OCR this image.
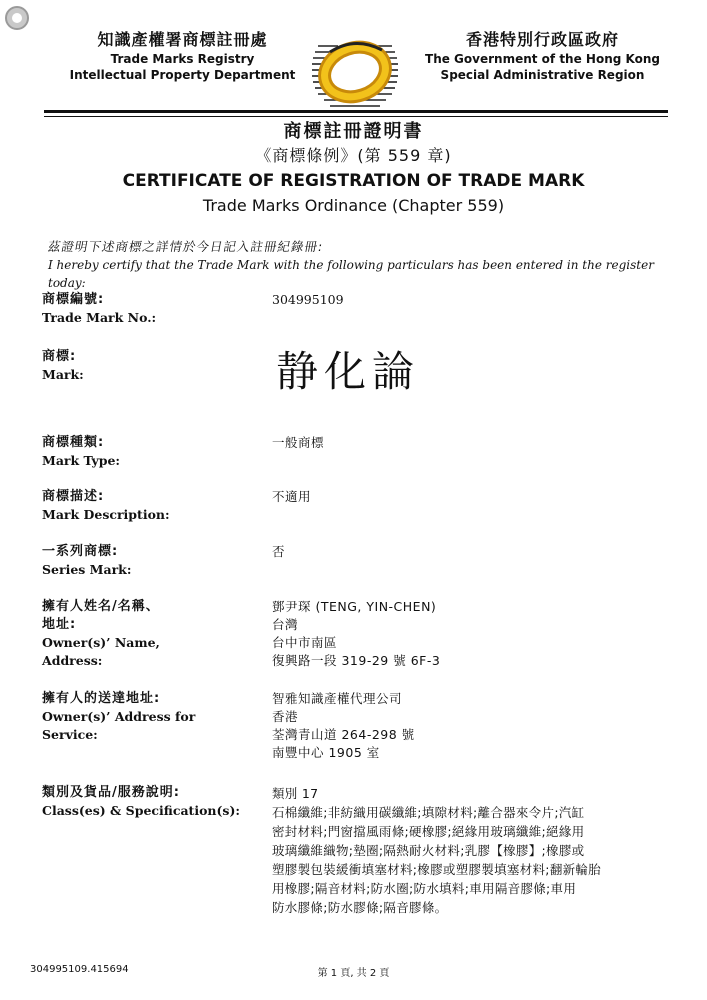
知識產權署商標註冊處
Trade Marks Registry
Intellectual Property Department
香港特別行政區政府
The Government of the Hong Kong
Special Administrative Region
商標註冊證明書
《商標條例》(第 559 章)
CERTIFICATE OF REGISTRATION OF TRADE MARK
Trade Marks Ordinance (Chapter 559)
茲證明下述商標之詳情於今日記入註冊紀錄冊:
I hereby certify that the Trade Mark with the following particulars has been entered in the register today:
商標編號:
Trade Mark No.:
304995109
商標:
Mark:	静化論
商標種類:
Mark Type:
一般商標
商標描述:
Mark Description:
不適用
一系列商標:
Series Mark:
否
擁有人姓名/名稱、
地址:
Owner(s)’ Name,
Address:
鄧尹琛 (TENG, YIN-CHEN)
台灣
台中市南區
復興路一段 319-29 號 6F-3
擁有人的送達地址:
Owner(s)’ Address for
Service:
智雅知識產權代理公司
香港
荃灣青山道 264-298 號
南豐中心 1905 室
類別及貨品/服務說明:
Class(es) & Specification(s):
類別 17
石棉纖維;非紡織用碳纖維;填隙材料;離合器來令片;汽缸
密封材料;門窗擋風雨條;硬橡膠;絕緣用玻璃纖維;絕緣用
玻璃纖維織物;墊圈;隔熱耐火材料;乳膠【橡膠】;橡膠或
塑膠製包裝緩衝填塞材料;橡膠或塑膠製填塞材料;翻新輪胎
用橡膠;隔音材料;防水圈;防水填料;車用隔音膠條;車用
防水膠條;防水膠條;隔音膠條。
304995109.415694	第 1 頁, 共 2 頁
